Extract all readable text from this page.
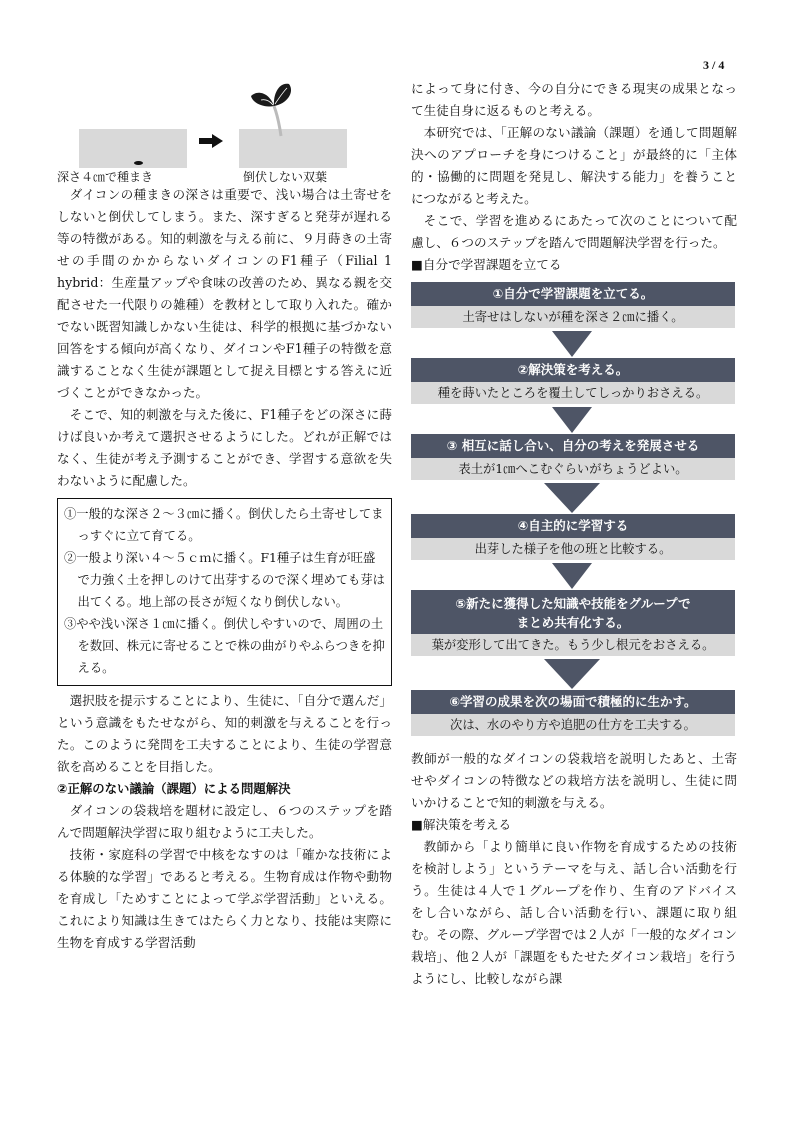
3 / 4
深さ４㎝で種まき	倒伏しない双葉

ダイコンの種まきの深さは重要で、浅い場合は土寄せをしないと倒伏してしまう。また、深すぎると発芽が遅れる等の特徴がある。知的刺激を与える前に、９月蒔きの土寄せの手間のかからないダイコンのF1種子（Filial 1 hybrid：生産量アップや食味の改善のため、異なる親を交配させた一代限りの雑種）を教材として取り入れた。確かでない既習知識しかない生徒は、科学的根拠に基づかない回答をする傾向が高くなり、ダイコンやF1種子の特徴を意識することなく生徒が課題として捉え目標とする答えに近づくことができなかった。

そこで、知的刺激を与えた後に、F1種子をどの深さに蒔けば良いか考えて選択させるようにした。どれが正解ではなく、生徒が考え予測することができ、学習する意欲を失わないように配慮した。

①一般的な深さ２～３㎝に播く。倒伏したら土寄せしてまっすぐに立て育てる。
②一般より深い４～５ｃｍに播く。F1種子は生育が旺盛で力強く土を押しのけて出芽するので深く埋めても芽は出てくる。地上部の長さが短くなり倒伏しない。
③やや浅い深さ１㎝に播く。倒伏しやすいので、周囲の土を数回、株元に寄せることで株の曲がりやふらつきを抑える。

選択肢を提示することにより、生徒に、「自分で選んだ」という意識をもたせながら、知的刺激を与えることを行った。このように発問を工夫することにより、生徒の学習意欲を高めることを目指した。

②正解のない議論（課題）による問題解決

ダイコンの袋栽培を題材に設定し、６つのステップを踏んで問題解決学習に取り組むように工夫した。

技術・家庭科の学習で中核をなすのは「確かな技術による体験的な学習」であると考える。生物育成は作物や動物を育成し「ためすことによって学ぶ学習活動」といえる。これにより知識は生きてはたらく力となり、技能は実際に生物を育成する学習活動

によって身に付き、今の自分にできる現実の成果となって生徒自身に返るものと考える。

本研究では、「正解のない議論（課題）を通して問題解決へのアプローチを身につけること」が最終的に「主体的・協働的に問題を発見し、解決する能力」を養うことにつながると考えた。

そこで、学習を進めるにあたって次のことについて配慮し、６つのステップを踏んで問題解決学習を行った。

■自分で学習課題を立てる
①自分で学習課題を立てる。
土寄せはしないが種を深さ２㎝に播く。
②解決策を考える。
種を蒔いたところを覆土してしっかりおさえる。
③ 相互に話し合い、自分の考えを発展させる
表土が1㎝へこむぐらいがちょうどよい。
④自主的に学習する
出芽した様子を他の班と比較する。
⑤新たに獲得した知識や技能をグループで
まとめ共有化する。
葉が変形して出てきた。もう少し根元をおさえる。
⑥学習の成果を次の場面で積極的に生かす。
次は、水のやり方や追肥の仕方を工夫する。

教師が一般的なダイコンの袋栽培を説明したあと、土寄せやダイコンの特徴などの栽培方法を説明し、生徒に問いかけることで知的刺激を与える。

■解決策を考える

教師から「より簡単に良い作物を育成するための技術を検討しよう」というテーマを与え、話し合い活動を行う。生徒は４人で１グループを作り、生育のアドバイスをし合いながら、話し合い活動を行い、課題に取り組む。その際、グループ学習では２人が「一般的なダイコン栽培」、他２人が「課題をもたせたダイコン栽培」を行うようにし、比較しながら課
